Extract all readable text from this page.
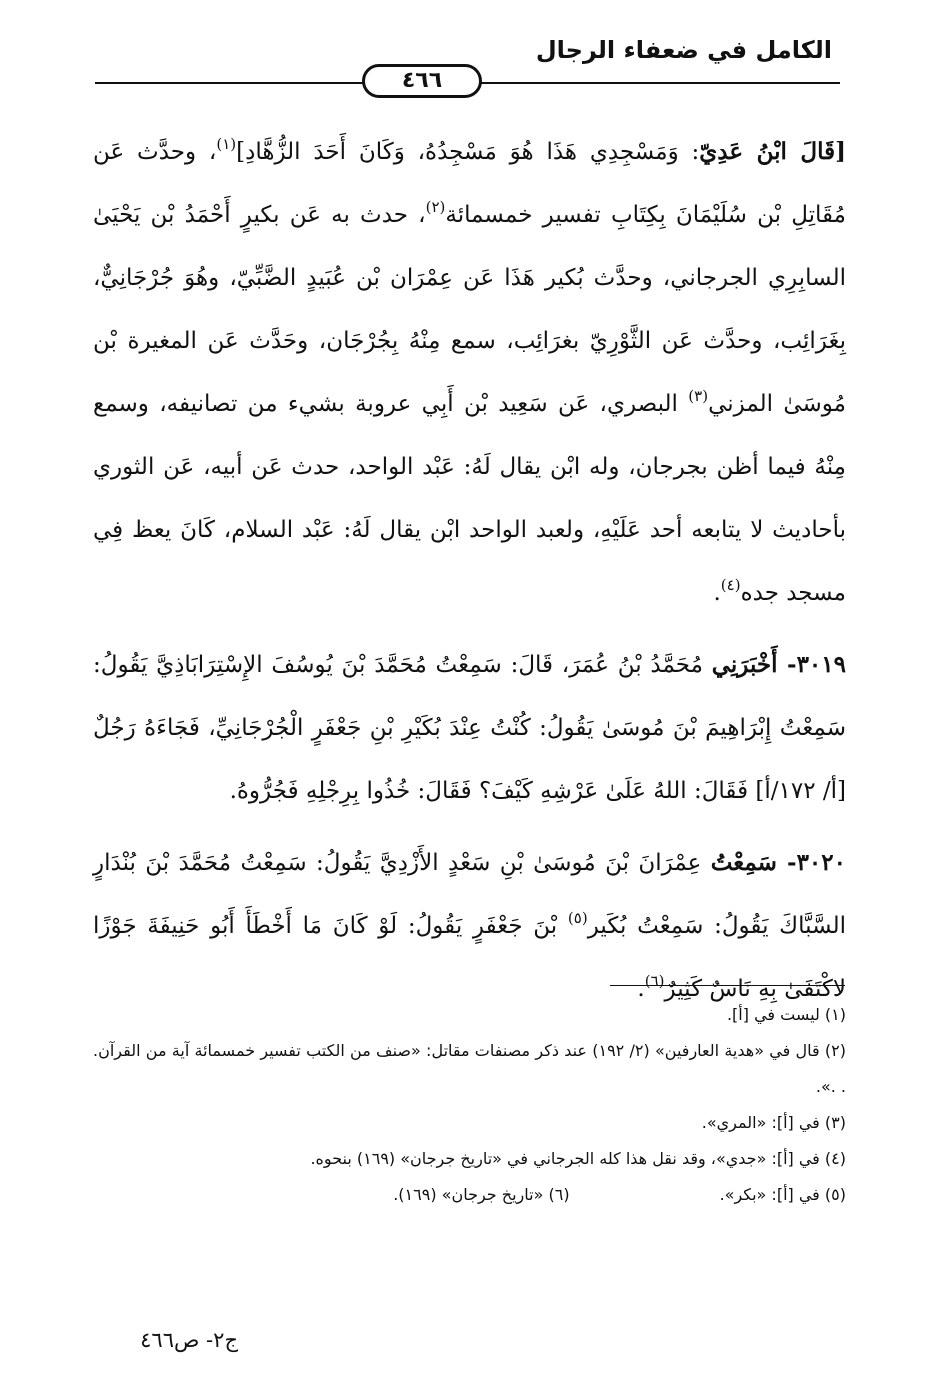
الكامل في ضعفاء الرجال
٤٦٦

[قَالَ ابْنُ عَدِيّ: وَمَسْجِدِي هَذَا هُوَ مَسْجِدُهُ، وَكَانَ أَحَدَ الزُّهَّادِ]$^{(١)}$، وحدَّث عَن مُقَاتِلِ بْن سُلَيْمَانَ بِكِتَابِ تفسير خمسمائة$^{(٢)}$، حدث به عَن بكيرٍ أَحْمَدُ بْن يَحْيَىٰ السابِرِي الجرجاني، وحدَّث بُكير هَذَا عَن عِمْرَان بْن عُبَيدٍ الضَّبِّيّ، وهُوَ جُرْجَانِيٌّ، بِغَرَائِب، وحدَّث عَن الثَّوْرِيّ بغرَائِب، سمع مِنْهُ بِجُرْجَان، وحَدَّث عَن المغيرة بْن مُوسَىٰ المزني$^{(٣)}$ البصري، عَن سَعِيد بْن أَبِي عروبة بشيء من تصانيفه، وسمع مِنْهُ فيما أظن بجرجان، وله ابْن يقال لَهُ: عَبْد الواحد، حدث عَن أبيه، عَن الثوري بأحاديث لا يتابعه أحد عَلَيْهِ، ولعبد الواحد ابْن يقال لَهُ: عَبْد السلام، كَانَ يعظ فِي مسجد جده$^{(٤)}$.

٣٠١٩- أَخْبَرَنِي مُحَمَّدُ بْنُ عُمَرَ، قَالَ: سَمِعْتُ مُحَمَّدَ بْنَ يُوسُفَ الإِسْتِرَابَاذِيَّ يَقُولُ: سَمِعْتُ إِبْرَاهِيمَ بْنَ مُوسَىٰ يَقُولُ: كُنْتُ عِنْدَ بُكَيْرِ بْنِ جَعْفَرٍ الْجُرْجَانِيِّ، فَجَاءَهُ رَجُلٌ [أ/ ١٧٢/أ] فَقَالَ: اللهُ عَلَىٰ عَرْشِهِ كَيْفَ؟ فَقَالَ: خُذُوا بِرِجْلِهِ فَجُرُّوهُ.

٣٠٢٠- سَمِعْتُ عِمْرَانَ بْنَ مُوسَىٰ بْنِ سَعْدٍ الأَزْدِيَّ يَقُولُ: سَمِعْتُ مُحَمَّدَ بْنَ بُنْدَارٍ السَّبَّاكَ يَقُولُ: سَمِعْتُ بُكَير$^{(٥)}$ بْنَ جَعْفَرٍ يَقُولُ: لَوْ كَانَ مَا أَخْطَأَ أَبُو حَنِيفَةَ جَوْزًا لاكْتَفَىٰ بِهِ نَاسٌ كَثِيرٌ$^{(٦)}$.

(١) ليست في [أ].

(٢) قال في «هدية العارفين» (٢/ ١٩٢) عند ذكر مصنفات مقاتل: «صنف من الكتب تفسير خمسمائة آية من القرآن. . .».

(٣) في [أ]: «المري».

(٤) في [أ]: «جدي»، وقد نقل هذا كله الجرجاني في «تاريخ جرجان» (١٦٩) بنحوه.

(٥) في [أ]: «بكر».
(٦) «تاريخ جرجان» (١٦٩).
ج٢- ص٤٦٦
